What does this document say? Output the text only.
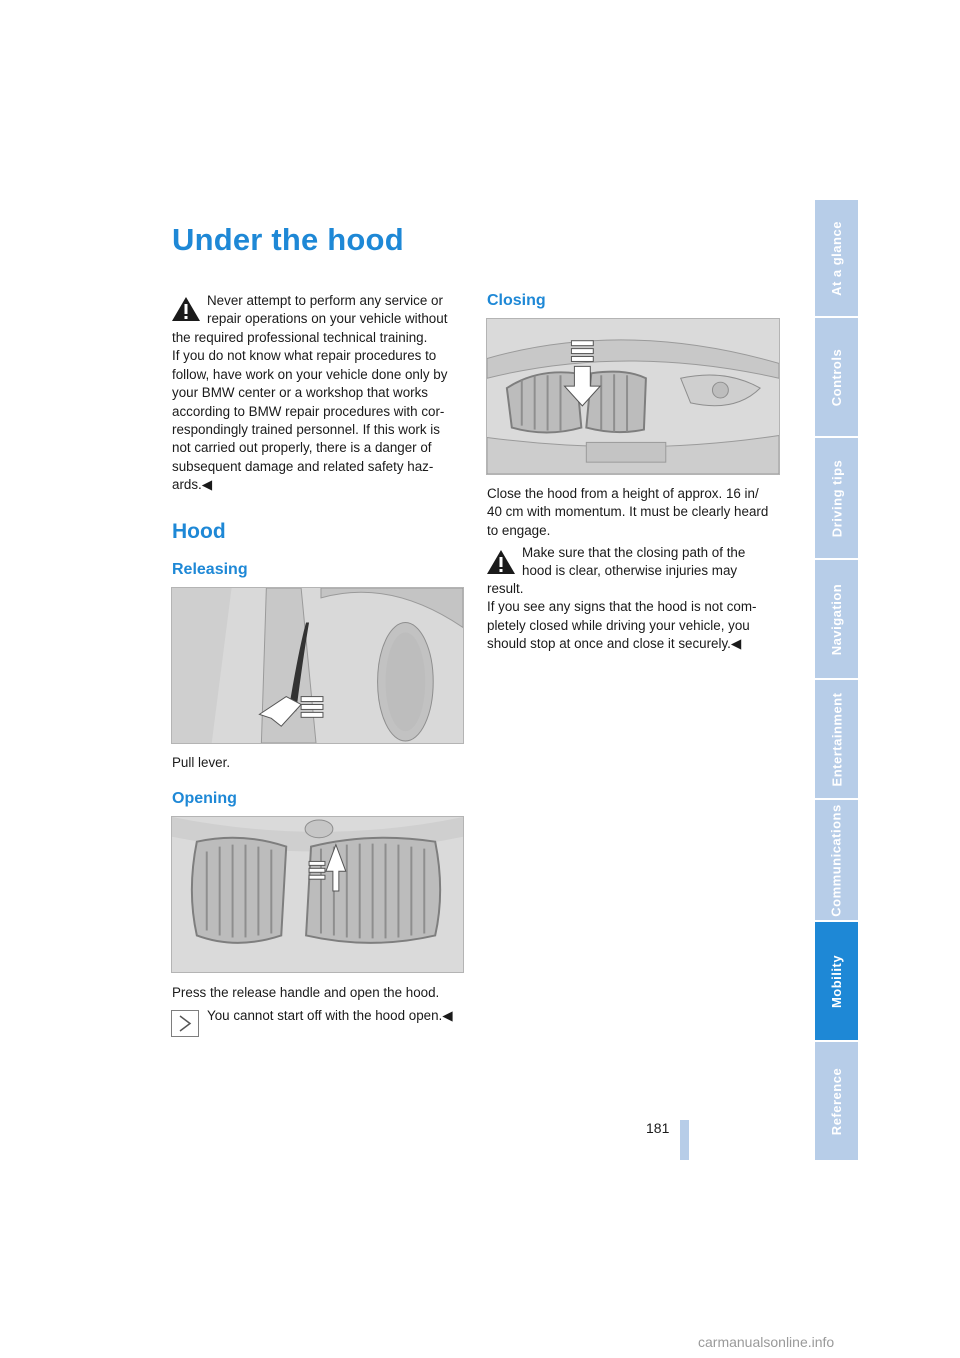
Under the hood

Never attempt to perform any service or

repair operations on your vehicle without

the required professional technical training.

If you do not know what repair procedures to

follow, have work on your vehicle done only by

your BMW center or a workshop that works

according to BMW repair procedures with cor-

respondingly trained personnel. If this work is

not carried out properly, there is a danger of

subsequent damage and related safety haz-

ards.◀

Hood
Releasing
Pull lever.
Opening
Press the release handle and open the hood.
You cannot start off with the hood open.◀
Closing

Close the hood from a height of approx. 16 in/

40 cm with momentum. It must be clearly heard

to engage.

Make sure that the closing path of the

hood is clear, otherwise injuries may

result.

If you see any signs that the hood is not com-

pletely closed while driving your vehicle, you

should stop at once and close it securely.◀

181
At a glance
Controls
Driving tips
Navigation
Entertainment
Communications
Mobility
Reference
carmanualsonline.info
